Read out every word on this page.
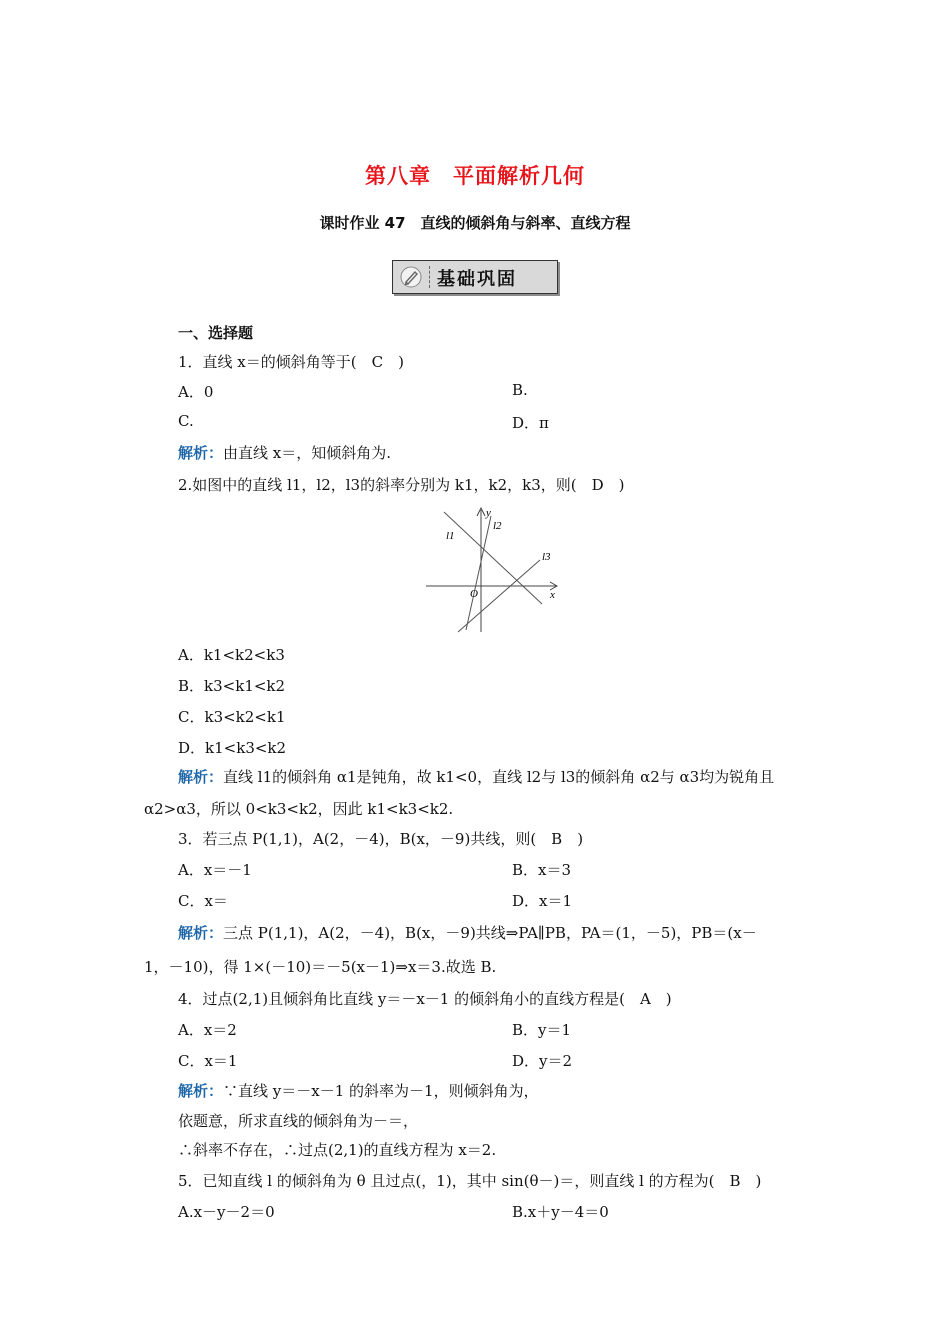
第八章　平面解析几何
课时作业 47　直线的倾斜角与斜率、直线方程
基础巩固
一、选择题
1．直线 x＝的倾斜角等于(　C　)
A．0	B.
C.	D．π
解析：由直线 x＝，知倾斜角为.
2.如图中的直线 l1，l2，l3的斜率分别为 k1，k2，k3，则(　D　)
y
x
O
l1
l2
l3
A．k1<k2<k3
B．k3<k1<k2
C．k3<k2<k1
D．k1<k3<k2
解析：直线 l1的倾斜角 α1是钝角，故 k1<0，直线 l2与 l3的倾斜角 α2与 α3均为锐角且
α2>α3，所以 0<k3<k2，因此 k1<k3<k2.
3．若三点 P(1,1)，A(2，－4)，B(x，－9)共线，则(　B　)
A．x＝－1	B．x＝3
C．x＝	D．x＝1
解析：三点 P(1,1)，A(2，－4)，B(x，－9)共线⇒PA∥PB，PA＝(1，－5)，PB＝(x－
1，－10)，得 1×(－10)＝－5(x－1)⇒x＝3.故选 B.
4．过点(2,1)且倾斜角比直线 y＝－x－1 的倾斜角小的直线方程是(　A　)
A．x＝2	B．y＝1
C．x＝1	D．y＝2
解析：∵直线 y＝－x－1 的斜率为－1，则倾斜角为，
依题意，所求直线的倾斜角为－＝，
∴斜率不存在，∴过点(2,1)的直线方程为 x＝2.
5．已知直线 l 的倾斜角为 θ 且过点(，1)，其中 sin(θ－)＝，则直线 l 的方程为(　B　)
A.x－y－2＝0	B.x＋y－4＝0
